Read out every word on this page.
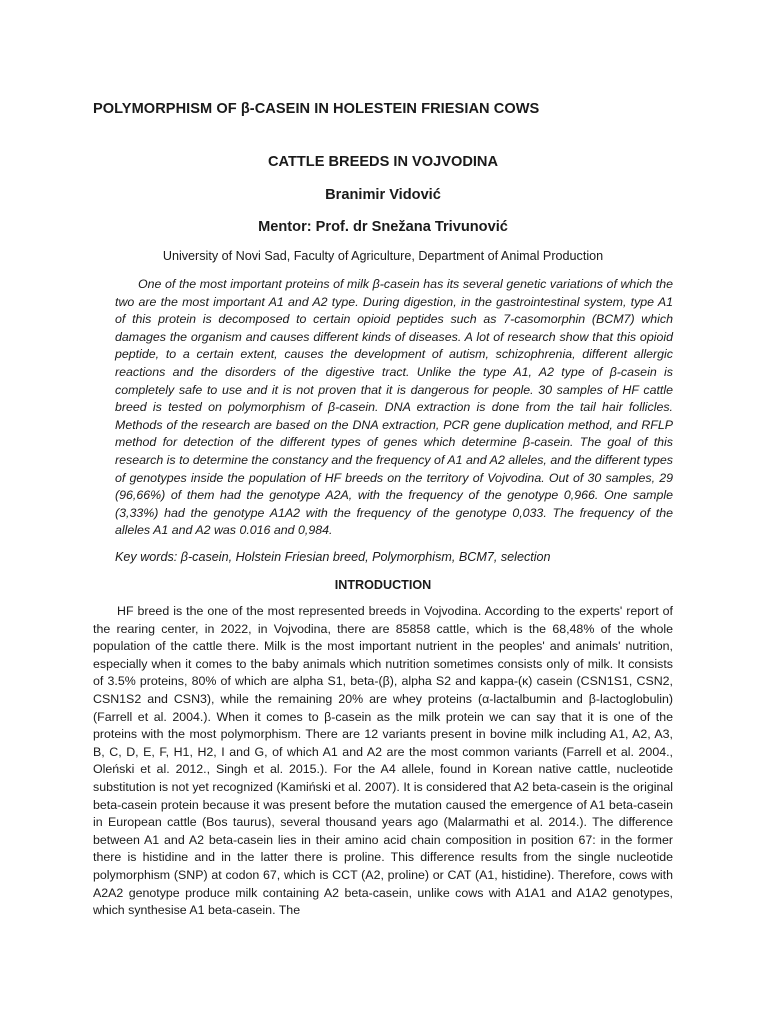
POLYMORPHISM OF β-CASEIN IN HOLESTEIN FRIESIAN COWS
CATTLE BREEDS IN VOJVODINA
Branimir Vidović
Mentor: Prof. dr Snežana Trivunović
University of Novi Sad, Faculty of Agriculture, Department of Animal Production

One of the most important proteins of milk β-casein has its several genetic variations of which the two are the most important A1 and A2 type. During digestion, in the gastrointestinal system, type A1 of this protein is decomposed to certain opioid peptides such as 7-casomorphin (BCM7) which damages the organism and causes different kinds of diseases. A lot of research show that this opioid peptide, to a certain extent, causes the development of autism, schizophrenia, different allergic reactions and the disorders of the digestive tract. Unlike the type A1, A2 type of β-casein is completely safe to use and it is not proven that it is dangerous for people. 30 samples of HF cattle breed is tested on polymorphism of β-casein. DNA extraction is done from the tail hair follicles. Methods of the research are based on the DNA extraction, PCR gene duplication method, and RFLP method for detection of the different types of genes which determine β-casein. The goal of this research is to determine the constancy and the frequency of A1 and A2 alleles, and the different types of genotypes inside the population of HF breeds on the territory of Vojvodina. Out of 30 samples, 29 (96,66%) of them had the genotype A2A, with the frequency of the genotype 0,966. One sample (3,33%) had the genotype A1A2 with the frequency of the genotype 0,033. The frequency of the alleles A1 and A2 was 0.016 and 0,984.

Key words: β-casein, Holstein Friesian breed, Polymorphism, BCM7, selection
INTRODUCTION

HF breed is the one of the most represented breeds in Vojvodina. According to the experts' report of the rearing center, in 2022, in Vojvodina, there are 85858 cattle, which is the 68,48% of the whole population of the cattle there. Milk is the most important nutrient in the peoples' and animals' nutrition, especially when it comes to the baby animals which nutrition sometimes consists only of milk. It consists of 3.5% proteins, 80% of which are alpha S1, beta-(β), alpha S2 and kappa-(κ) casein (CSN1S1, CSN2, CSN1S2 and CSN3), while the remaining 20% are whey proteins (α-lactalbumin and β-lactoglobulin) (Farrell et al. 2004.). When it comes to β-casein as the milk protein we can say that it is one of the proteins with the most polymorphism. There are 12 variants present in bovine milk including A1, A2, A3, B, C, D, E, F, H1, H2, I and G, of which A1 and A2 are the most common variants (Farrell et al. 2004., Oleński et al. 2012., Singh et al. 2015.). For the A4 allele, found in Korean native cattle, nucleotide substitution is not yet recognized (Kamiński et al. 2007). It is considered that A2 beta-casein is the original beta-casein protein because it was present before the mutation caused the emergence of A1 beta-casein in European cattle (Bos taurus), several thousand years ago (Malarmathi et al. 2014.). The difference between A1 and A2 beta-casein lies in their amino acid chain composition in position 67: in the former there is histidine and in the latter there is proline. This difference results from the single nucleotide polymorphism (SNP) at codon 67, which is CCT (A2, proline) or CAT (A1, histidine). Therefore, cows with A2A2 genotype produce milk containing A2 beta-casein, unlike cows with A1A1 and A1A2 genotypes, which synthesise A1 beta-casein. The
